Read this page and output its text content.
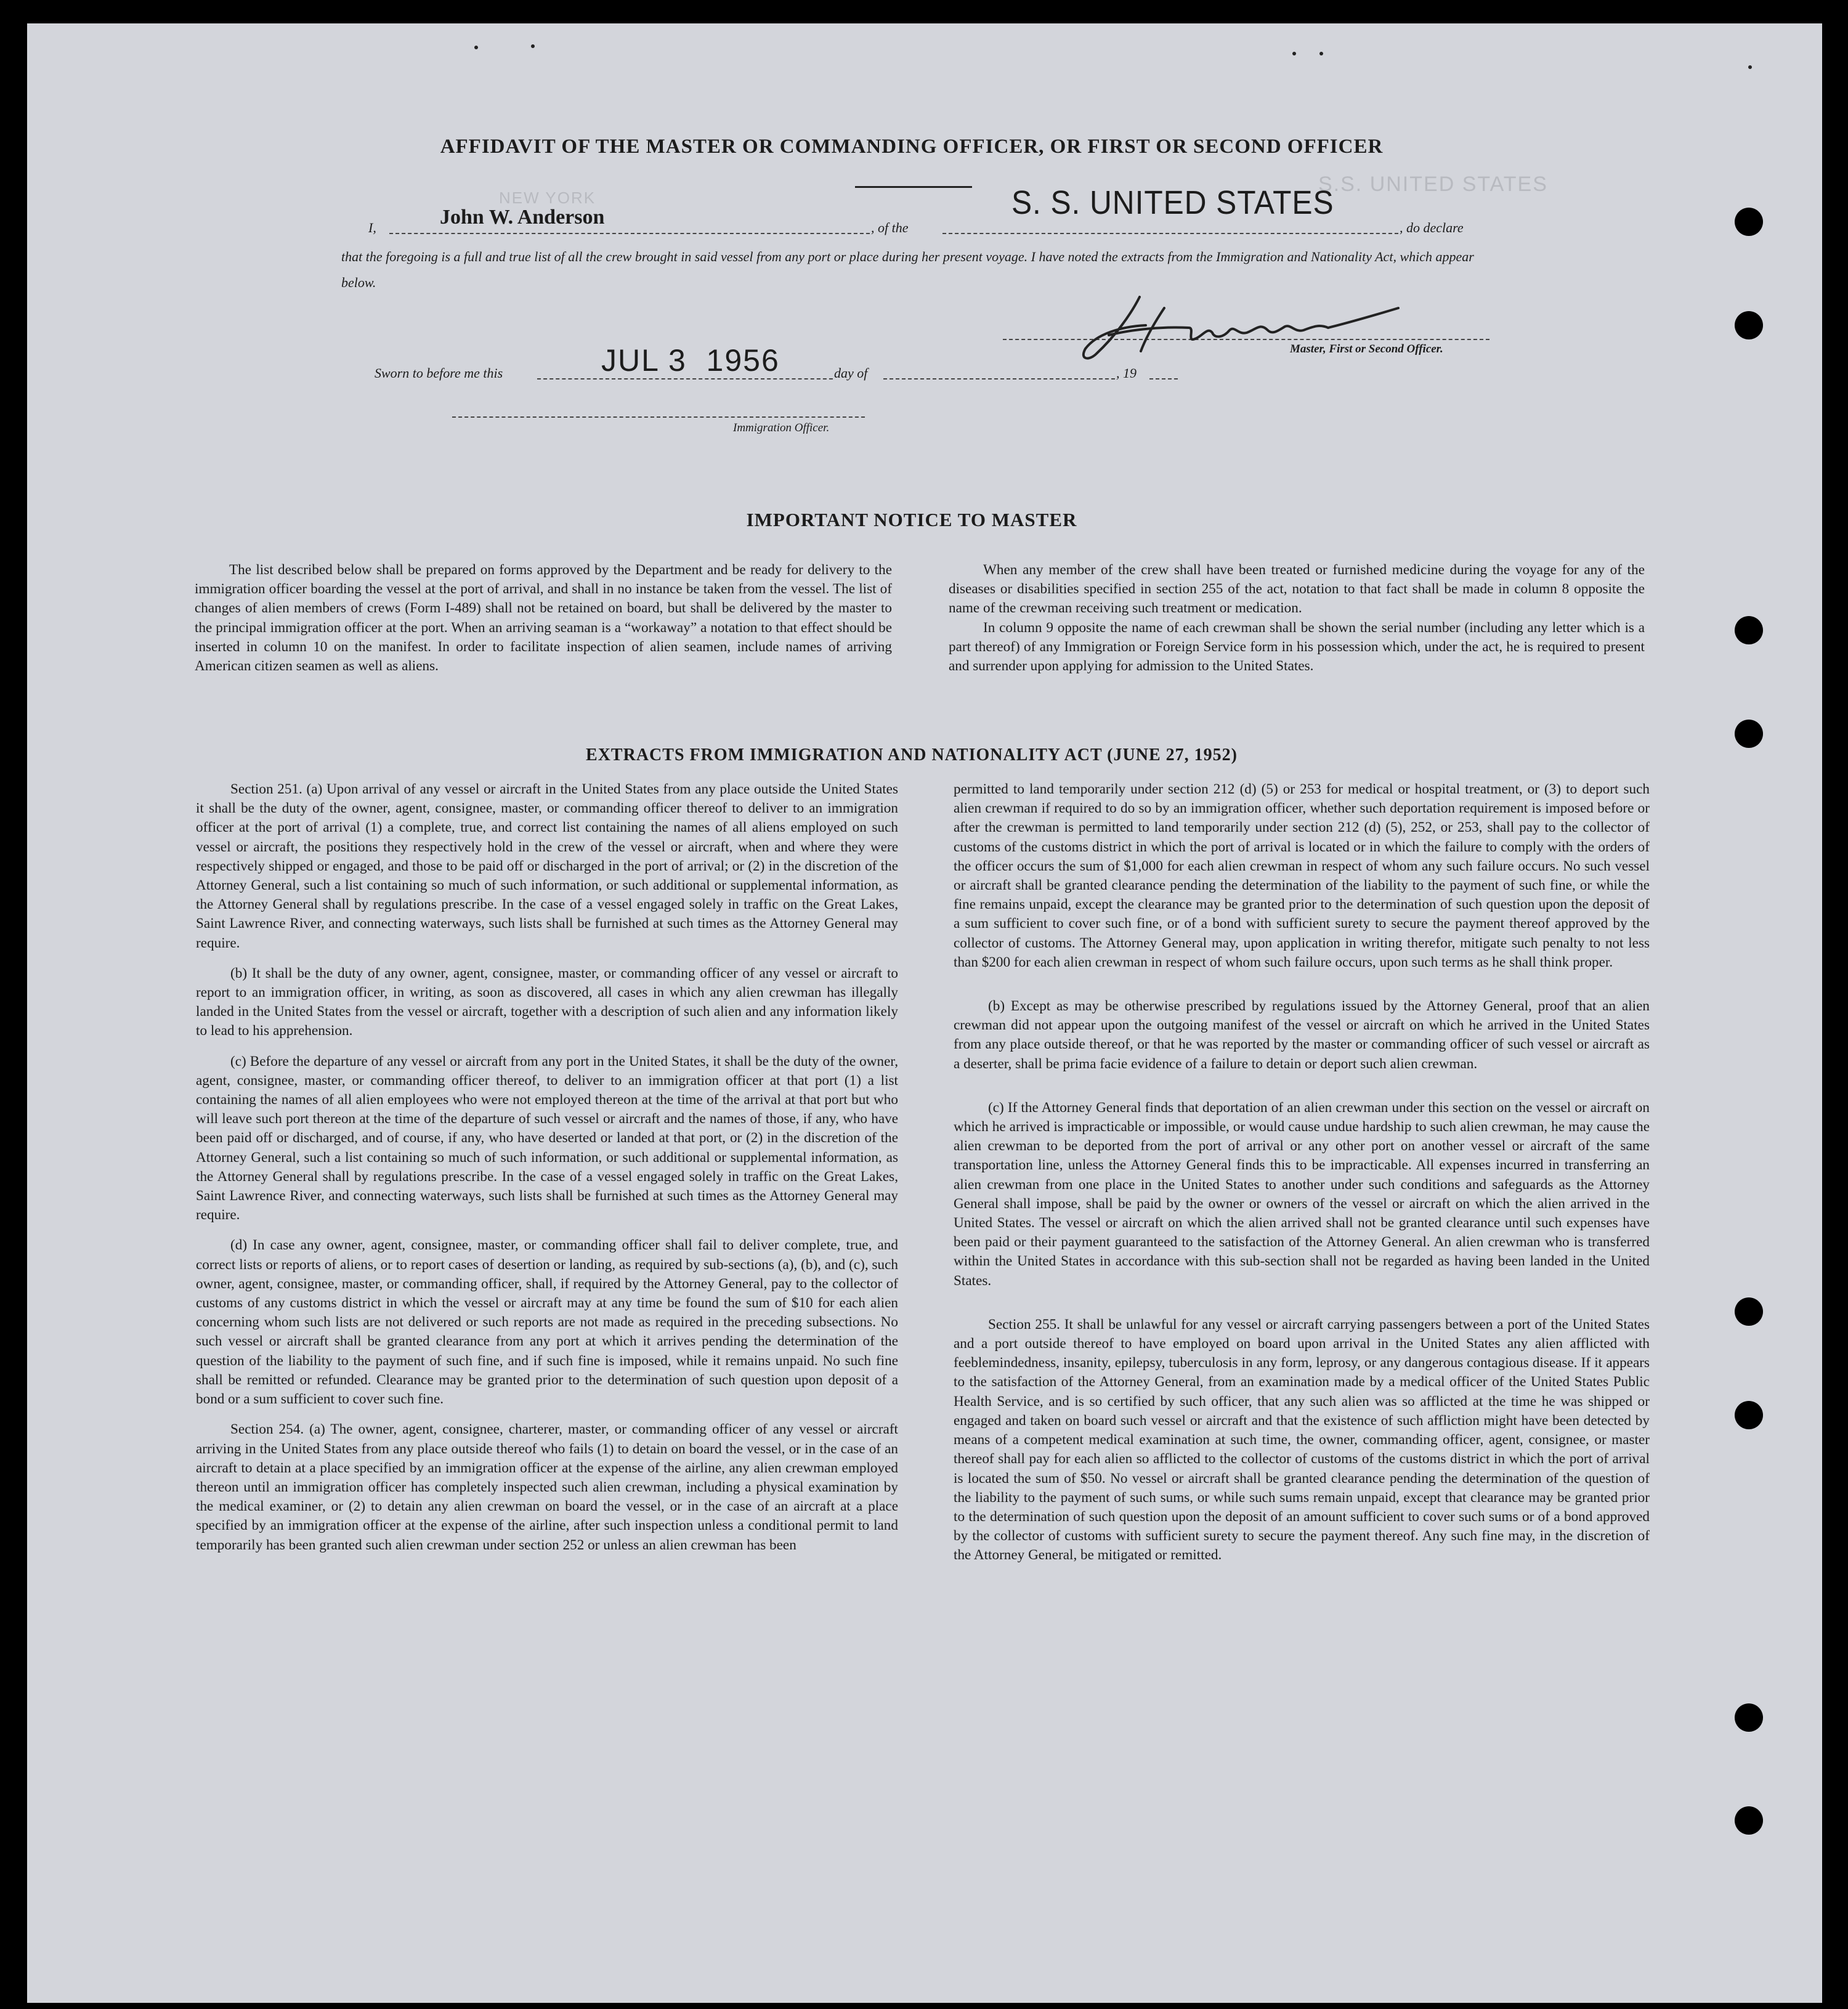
AFFIDAVIT OF THE MASTER OR COMMANDING OFFICER, OR FIRST OR SECOND OFFICER
NEW YORK
S.S. UNITED STATES
I,	John W. Anderson	, of the
S. S. UNITED STATES
, do declare
that the foregoing is a full and true list of all the crew brought in said vessel from any port or place during her present voyage. I have noted the extracts from the Immigration and Nationality Act, which appear below.
Master, First or Second Officer.
Sworn to before me this	JUL 3  1956	day of	, 19
Immigration Officer.
IMPORTANT NOTICE TO MASTER

The list described below shall be prepared on forms approved by the Department and be ready for delivery to the immigration officer boarding the vessel at the port of arrival, and shall in no instance be taken from the vessel. The list of changes of alien members of crews (Form I-489) shall not be retained on board, but shall be delivered by the master to the principal immigration officer at the port. When an arriving seaman is a “workaway” a notation to that effect should be inserted in column 10 on the manifest. In order to facilitate inspection of alien seamen, include names of arriving American citizen seamen as well as aliens.

When any member of the crew shall have been treated or furnished medicine during the voyage for any of the diseases or disabilities specified in section 255 of the act, notation to that fact shall be made in column 8 opposite the name of the crewman receiving such treatment or medication.

In column 9 opposite the name of each crewman shall be shown the serial number (including any letter which is a part thereof) of any Immigration or Foreign Service form in his possession which, under the act, he is required to present and surrender upon applying for admission to the United States.

EXTRACTS FROM IMMIGRATION AND NATIONALITY ACT (JUNE 27, 1952)

Section 251. (a) Upon arrival of any vessel or aircraft in the United States from any place outside the United States it shall be the duty of the owner, agent, consignee, master, or commanding officer thereof to deliver to an immigration officer at the port of arrival (1) a complete, true, and correct list containing the names of all aliens employed on such vessel or aircraft, the positions they respectively hold in the crew of the vessel or aircraft, when and where they were respectively shipped or engaged, and those to be paid off or discharged in the port of arrival; or (2) in the discretion of the Attorney General, such a list containing so much of such information, or such additional or supplemental information, as the Attorney General shall by regulations prescribe. In the case of a vessel engaged solely in traffic on the Great Lakes, Saint Lawrence River, and connecting waterways, such lists shall be furnished at such times as the Attorney General may require.

(b) It shall be the duty of any owner, agent, consignee, master, or commanding officer of any vessel or aircraft to report to an immigration officer, in writing, as soon as discovered, all cases in which any alien crewman has illegally landed in the United States from the vessel or aircraft, together with a description of such alien and any information likely to lead to his apprehension.

(c) Before the departure of any vessel or aircraft from any port in the United States, it shall be the duty of the owner, agent, consignee, master, or commanding officer thereof, to deliver to an immigration officer at that port (1) a list containing the names of all alien employees who were not employed thereon at the time of the arrival at that port but who will leave such port thereon at the time of the departure of such vessel or aircraft and the names of those, if any, who have been paid off or discharged, and of course, if any, who have deserted or landed at that port, or (2) in the discretion of the Attorney General, such a list containing so much of such information, or such additional or supplemental information, as the Attorney General shall by regulations prescribe. In the case of a vessel engaged solely in traffic on the Great Lakes, Saint Lawrence River, and connecting waterways, such lists shall be furnished at such times as the Attorney General may require.

(d) In case any owner, agent, consignee, master, or commanding officer shall fail to deliver complete, true, and correct lists or reports of aliens, or to report cases of desertion or landing, as required by sub-sections (a), (b), and (c), such owner, agent, consignee, master, or commanding officer, shall, if required by the Attorney General, pay to the collector of customs of any customs district in which the vessel or aircraft may at any time be found the sum of $10 for each alien concerning whom such lists are not delivered or such reports are not made as required in the preceding subsections. No such vessel or aircraft shall be granted clearance from any port at which it arrives pending the determination of the question of the liability to the payment of such fine, and if such fine is imposed, while it remains unpaid. No such fine shall be remitted or refunded. Clearance may be granted prior to the determination of such question upon deposit of a bond or a sum sufficient to cover such fine.

Section 254. (a) The owner, agent, consignee, charterer, master, or commanding officer of any vessel or aircraft arriving in the United States from any place outside thereof who fails (1) to detain on board the vessel, or in the case of an aircraft to detain at a place specified by an immigration officer at the expense of the airline, any alien crewman employed thereon until an immigration officer has completely inspected such alien crewman, including a physical examination by the medical examiner, or (2) to detain any alien crewman on board the vessel, or in the case of an aircraft at a place specified by an immigration officer at the expense of the airline, after such inspection unless a conditional permit to land temporarily has been granted such alien crewman under section 252 or unless an alien crewman has been

permitted to land temporarily under section 212 (d) (5) or 253 for medical or hospital treatment, or (3) to deport such alien crewman if required to do so by an immigration officer, whether such deportation requirement is imposed before or after the crewman is permitted to land temporarily under section 212 (d) (5), 252, or 253, shall pay to the collector of customs of the customs district in which the port of arrival is located or in which the failure to comply with the orders of the officer occurs the sum of $1,000 for each alien crewman in respect of whom any such failure occurs. No such vessel or aircraft shall be granted clearance pending the determination of the liability to the payment of such fine, or while the fine remains unpaid, except the clearance may be granted prior to the determination of such question upon the deposit of a sum sufficient to cover such fine, or of a bond with sufficient surety to secure the payment thereof approved by the collector of customs. The Attorney General may, upon application in writing therefor, mitigate such penalty to not less than $200 for each alien crewman in respect of whom such failure occurs, upon such terms as he shall think proper.

(b) Except as may be otherwise prescribed by regulations issued by the Attorney General, proof that an alien crewman did not appear upon the outgoing manifest of the vessel or aircraft on which he arrived in the United States from any place outside thereof, or that he was reported by the master or commanding officer of such vessel or aircraft as a deserter, shall be prima facie evidence of a failure to detain or deport such alien crewman.

(c) If the Attorney General finds that deportation of an alien crewman under this section on the vessel or aircraft on which he arrived is impracticable or impossible, or would cause undue hardship to such alien crewman, he may cause the alien crewman to be deported from the port of arrival or any other port on another vessel or aircraft of the same transportation line, unless the Attorney General finds this to be impracticable. All expenses incurred in transferring an alien crewman from one place in the United States to another under such conditions and safeguards as the Attorney General shall impose, shall be paid by the owner or owners of the vessel or aircraft on which the alien arrived in the United States. The vessel or aircraft on which the alien arrived shall not be granted clearance until such expenses have been paid or their payment guaranteed to the satisfaction of the Attorney General. An alien crewman who is transferred within the United States in accordance with this sub-section shall not be regarded as having been landed in the United States.

Section 255. It shall be unlawful for any vessel or aircraft carrying passengers between a port of the United States and a port outside thereof to have employed on board upon arrival in the United States any alien afflicted with feeblemindedness, insanity, epilepsy, tuberculosis in any form, leprosy, or any dangerous contagious disease. If it appears to the satisfaction of the Attorney General, from an examination made by a medical officer of the United States Public Health Service, and is so certified by such officer, that any such alien was so afflicted at the time he was shipped or engaged and taken on board such vessel or aircraft and that the existence of such affliction might have been detected by means of a competent medical examination at such time, the owner, commanding officer, agent, consignee, or master thereof shall pay for each alien so afflicted to the collector of customs of the customs district in which the port of arrival is located the sum of $50. No vessel or aircraft shall be granted clearance pending the determination of the question of the liability to the payment of such sums, or while such sums remain unpaid, except that clearance may be granted prior to the determination of such question upon the deposit of an amount sufficient to cover such sums or of a bond approved by the collector of customs with sufficient surety to secure the payment thereof. Any such fine may, in the discretion of the Attorney General, be mitigated or remitted.
